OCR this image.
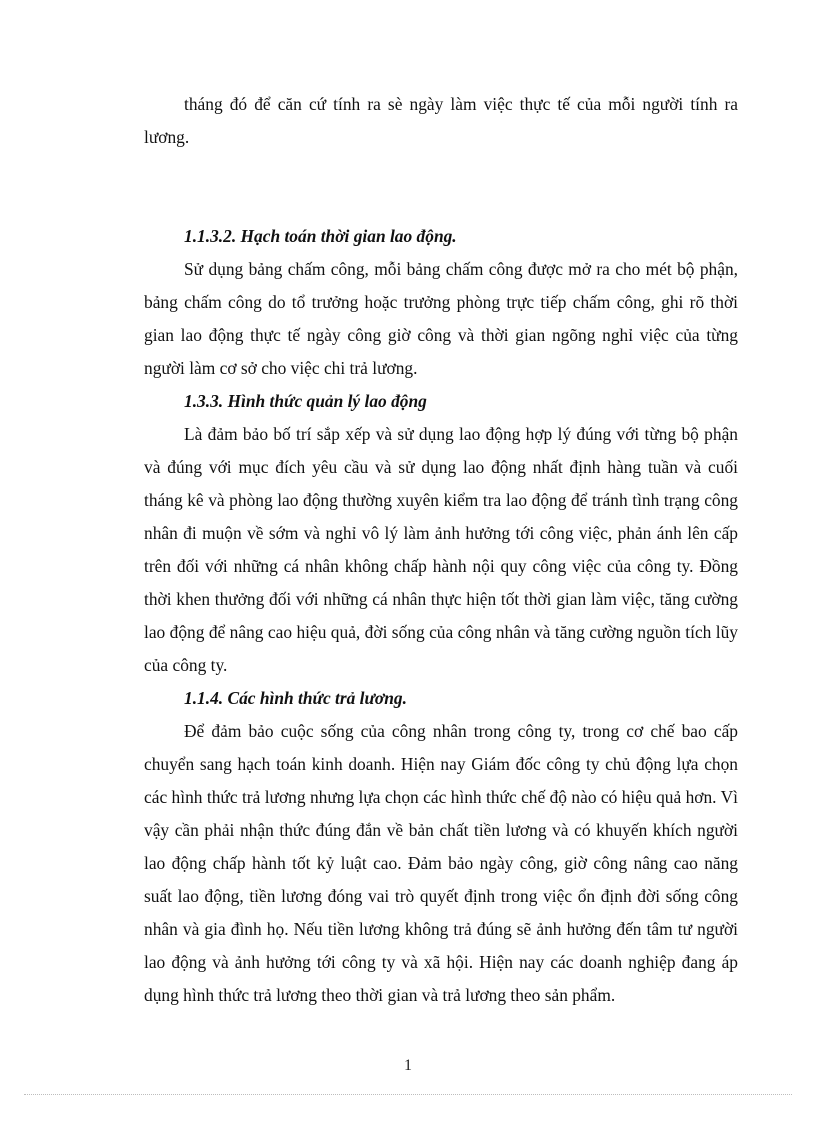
tháng đó để căn cứ tính ra sè ngày làm việc thực tế của mỗi người tính ra lương.

1.1.3.2. Hạch toán thời gian lao động.

Sử dụng bảng chấm công, mỗi bảng chấm công được mở ra cho mét bộ phận, bảng chấm công do tổ trưởng hoặc trưởng phòng trực tiếp chấm công, ghi rõ thời gian lao động thực tế ngày công giờ công và thời gian ngõng nghỉ việc của từng người làm cơ sở cho việc chi trả lương.

1.3.3. Hình thức quản lý lao động

Là đảm bảo bố trí sắp xếp và sử dụng lao động hợp lý đúng với từng bộ phận và đúng với mục đích yêu cầu và sử dụng lao động nhất định hàng tuần và cuối tháng kê và phòng lao động thường xuyên kiểm tra lao động để tránh tình trạng công nhân đi muộn về sớm và nghỉ vô lý làm ảnh hưởng tới công việc, phản ánh lên cấp trên đối với những cá nhân không chấp hành nội quy công việc của công ty. Đồng thời khen thưởng đối với những cá nhân thực hiện tốt thời gian làm việc, tăng cường lao động để nâng cao hiệu quả, đời sống của công nhân và tăng cường nguồn tích lũy của công ty.

1.1.4. Các hình thức trả lương.

Để đảm bảo cuộc sống của công nhân trong công ty, trong cơ chế bao cấp chuyển sang hạch toán kinh doanh. Hiện nay Giám đốc công ty chủ động lựa chọn các hình thức trả lương nhưng lựa chọn các hình thức chế độ nào có hiệu quả hơn. Vì vậy cần phải nhận thức đúng đắn về bản chất tiền lương và có khuyến khích người lao động chấp hành tốt kỷ luật cao. Đảm bảo ngày công, giờ công nâng cao năng suất lao động, tiền lương đóng vai trò quyết định trong việc ổn định đời sống công nhân và gia đình họ. Nếu tiền lương không trả đúng sẽ ảnh hưởng đến tâm tư người lao động và ảnh hưởng tới công ty và xã hội. Hiện nay các doanh nghiệp đang áp dụng hình thức trả lương theo thời gian và trả lương theo sản phẩm.

1
